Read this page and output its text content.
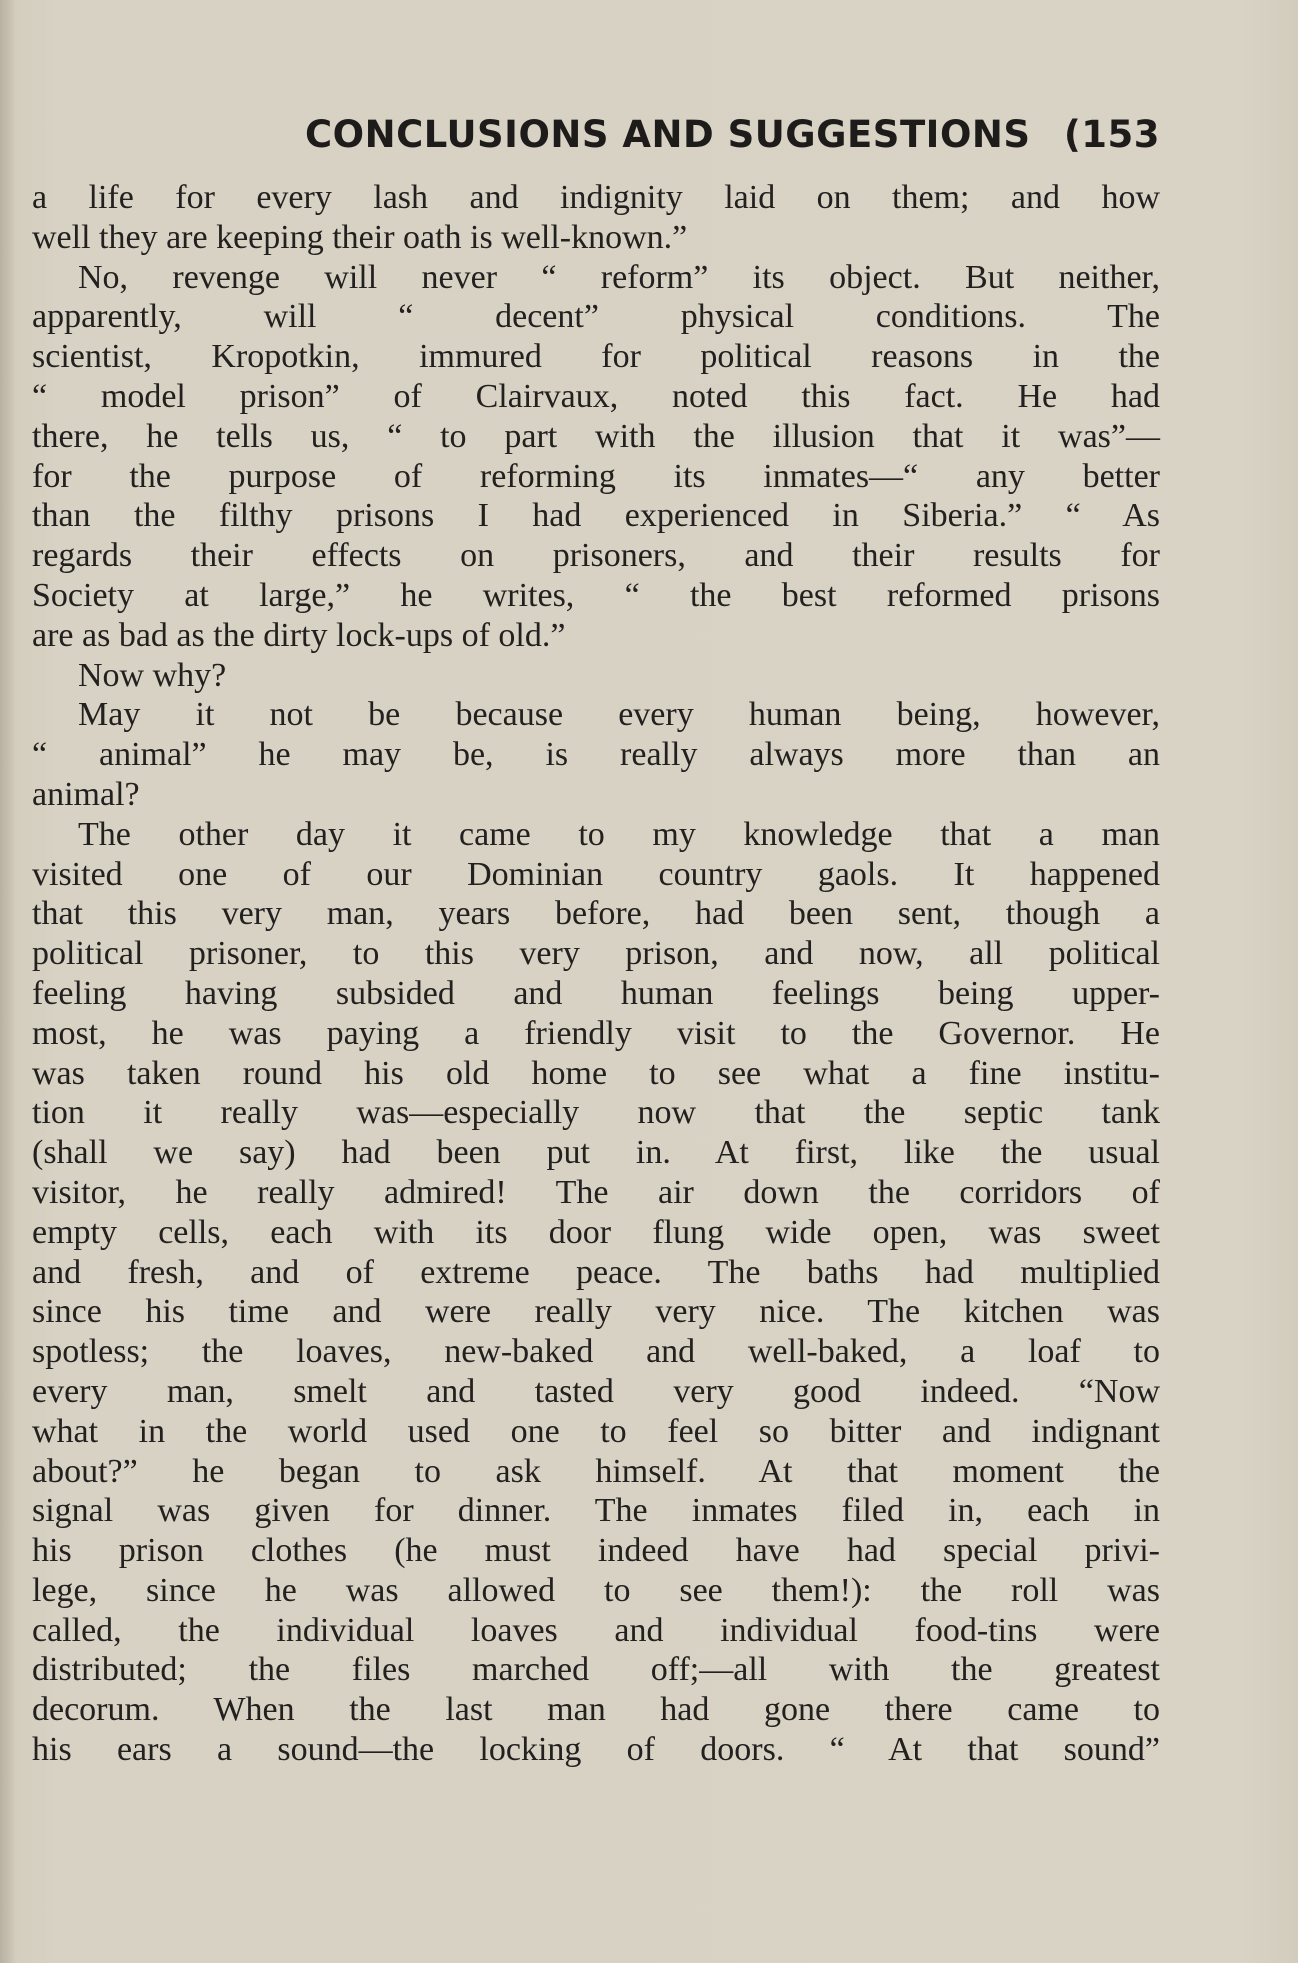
CONCLUSIONS AND SUGGESTIONS (153
a life for every lash and indignity laid on them; and how
well they are keeping their oath is well-known.”
No, revenge will never “ reform” its object. But neither,
apparently, will “ decent” physical conditions. The
scientist, Kropotkin, immured for political reasons in the
“ model prison” of Clairvaux, noted this fact. He had
there, he tells us, “ to part with the illusion that it was”—
for the purpose of reforming its inmates—“ any better
than the filthy prisons I had experienced in Siberia.” “ As
regards their effects on prisoners, and their results for
Society at large,” he writes, “ the best reformed prisons
are as bad as the dirty lock-ups of old.”
Now why?
May it not be because every human being, however,
“ animal” he may be, is really always more than an
animal?
The other day it came to my knowledge that a man
visited one of our Dominian country gaols. It happened
that this very man, years before, had been sent, though a
political prisoner, to this very prison, and now, all political
feeling having subsided and human feelings being upper-
most, he was paying a friendly visit to the Governor. He
was taken round his old home to see what a fine institu-
tion it really was—especially now that the septic tank
(shall we say) had been put in. At first, like the usual
visitor, he really admired! The air down the corridors of
empty cells, each with its door flung wide open, was sweet
and fresh, and of extreme peace. The baths had multiplied
since his time and were really very nice. The kitchen was
spotless; the loaves, new-baked and well-baked, a loaf to
every man, smelt and tasted very good indeed. “Now
what in the world used one to feel so bitter and indignant
about?” he began to ask himself. At that moment the
signal was given for dinner. The inmates filed in, each in
his prison clothes (he must indeed have had special privi-
lege, since he was allowed to see them!): the roll was
called, the individual loaves and individual food-tins were
distributed; the files marched off;—all with the greatest
decorum. When the last man had gone there came to
his ears a sound—the locking of doors. “ At that sound”
